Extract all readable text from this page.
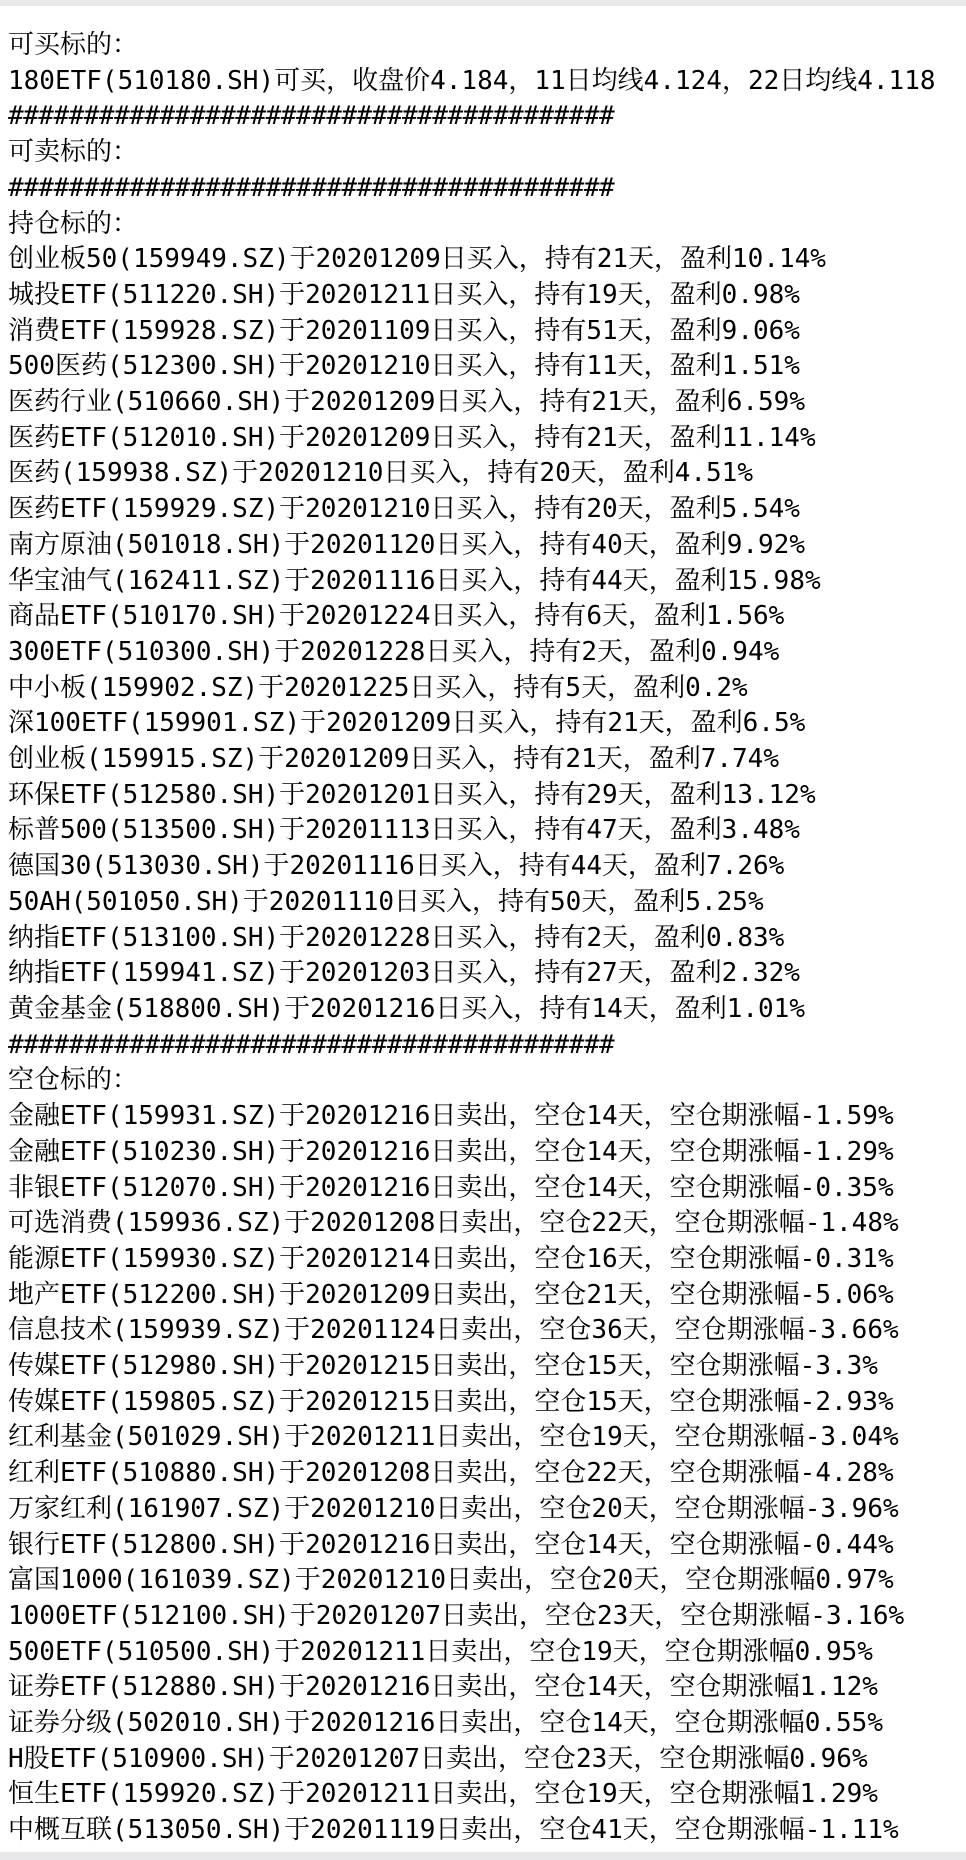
可买标的：
180ETF(510180.SH)可买，收盘价4.184，11日均线4.124，22日均线4.118
########################################
可卖标的：
########################################
持仓标的：
创业板50(159949.SZ)于20201209日买入，持有21天，盈利10.14%
城投ETF(511220.SH)于20201211日买入，持有19天，盈利0.98%
消费ETF(159928.SZ)于20201109日买入，持有51天，盈利9.06%
500医药(512300.SH)于20201210日买入，持有11天，盈利1.51%
医药行业(510660.SH)于20201209日买入，持有21天，盈利6.59%
医药ETF(512010.SH)于20201209日买入，持有21天，盈利11.14%
医药(159938.SZ)于20201210日买入，持有20天，盈利4.51%
医药ETF(159929.SZ)于20201210日买入，持有20天，盈利5.54%
南方原油(501018.SH)于20201120日买入，持有40天，盈利9.92%
华宝油气(162411.SZ)于20201116日买入，持有44天，盈利15.98%
商品ETF(510170.SH)于20201224日买入，持有6天，盈利1.56%
300ETF(510300.SH)于20201228日买入，持有2天，盈利0.94%
中小板(159902.SZ)于20201225日买入，持有5天，盈利0.2%
深100ETF(159901.SZ)于20201209日买入，持有21天，盈利6.5%
创业板(159915.SZ)于20201209日买入，持有21天，盈利7.74%
环保ETF(512580.SH)于20201201日买入，持有29天，盈利13.12%
标普500(513500.SH)于20201113日买入，持有47天，盈利3.48%
德国30(513030.SH)于20201116日买入，持有44天，盈利7.26%
50AH(501050.SH)于20201110日买入，持有50天，盈利5.25%
纳指ETF(513100.SH)于20201228日买入，持有2天，盈利0.83%
纳指ETF(159941.SZ)于20201203日买入，持有27天，盈利2.32%
黄金基金(518800.SH)于20201216日买入，持有14天，盈利1.01%
########################################
空仓标的：
金融ETF(159931.SZ)于20201216日卖出，空仓14天，空仓期涨幅-1.59%
金融ETF(510230.SH)于20201216日卖出，空仓14天，空仓期涨幅-1.29%
非银ETF(512070.SH)于20201216日卖出，空仓14天，空仓期涨幅-0.35%
可选消费(159936.SZ)于20201208日卖出，空仓22天，空仓期涨幅-1.48%
能源ETF(159930.SZ)于20201214日卖出，空仓16天，空仓期涨幅-0.31%
地产ETF(512200.SH)于20201209日卖出，空仓21天，空仓期涨幅-5.06%
信息技术(159939.SZ)于20201124日卖出，空仓36天，空仓期涨幅-3.66%
传媒ETF(512980.SH)于20201215日卖出，空仓15天，空仓期涨幅-3.3%
传媒ETF(159805.SZ)于20201215日卖出，空仓15天，空仓期涨幅-2.93%
红利基金(501029.SH)于20201211日卖出，空仓19天，空仓期涨幅-3.04%
红利ETF(510880.SH)于20201208日卖出，空仓22天，空仓期涨幅-4.28%
万家红利(161907.SZ)于20201210日卖出，空仓20天，空仓期涨幅-3.96%
银行ETF(512800.SH)于20201216日卖出，空仓14天，空仓期涨幅-0.44%
富国1000(161039.SZ)于20201210日卖出，空仓20天，空仓期涨幅0.97%
1000ETF(512100.SH)于20201207日卖出，空仓23天，空仓期涨幅-3.16%
500ETF(510500.SH)于20201211日卖出，空仓19天，空仓期涨幅0.95%
证券ETF(512880.SH)于20201216日卖出，空仓14天，空仓期涨幅1.12%
证券分级(502010.SH)于20201216日卖出，空仓14天，空仓期涨幅0.55%
H股ETF(510900.SH)于20201207日卖出，空仓23天，空仓期涨幅0.96%
恒生ETF(159920.SZ)于20201211日卖出，空仓19天，空仓期涨幅1.29%
中概互联(513050.SH)于20201119日卖出，空仓41天，空仓期涨幅-1.11%
